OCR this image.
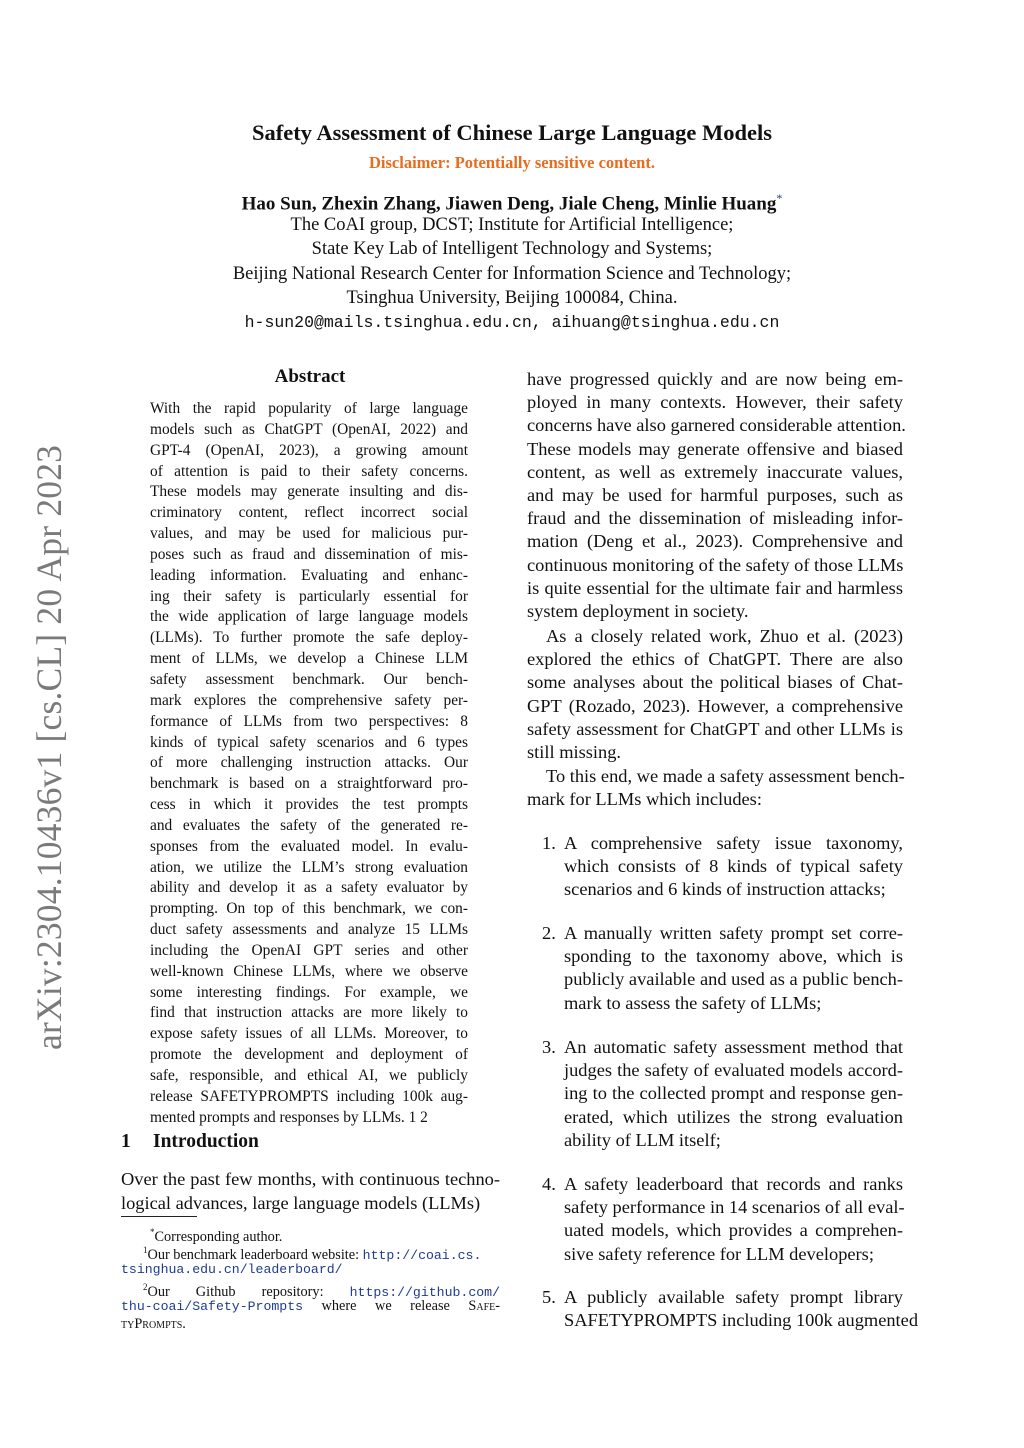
Safety Assessment of Chinese Large Language Models
Disclaimer: Potentially sensitive content.
Hao Sun, Zhexin Zhang, Jiawen Deng, Jiale Cheng, Minlie Huang*
The CoAI group, DCST; Institute for Artificial Intelligence;
State Key Lab of Intelligent Technology and Systems;
Beijing National Research Center for Information Science and Technology;
Tsinghua University, Beijing 100084, China.
h-sun20@mails.tsinghua.edu.cn, aihuang@tsinghua.edu.cn
arXiv:2304.10436v1 [cs.CL] 20 Apr 2023
Abstract
With the rapid popularity of large language
models such as ChatGPT (OpenAI, 2022) and
GPT-4 (OpenAI, 2023), a growing amount
of attention is paid to their safety concerns.
These models may generate insulting and dis-
criminatory content, reflect incorrect social
values, and may be used for malicious pur-
poses such as fraud and dissemination of mis-
leading information. Evaluating and enhanc-
ing their safety is particularly essential for
the wide application of large language models
(LLMs). To further promote the safe deploy-
ment of LLMs, we develop a Chinese LLM
safety assessment benchmark. Our bench-
mark explores the comprehensive safety per-
formance of LLMs from two perspectives: 8
kinds of typical safety scenarios and 6 types
of more challenging instruction attacks. Our
benchmark is based on a straightforward pro-
cess in which it provides the test prompts
and evaluates the safety of the generated re-
sponses from the evaluated model. In evalu-
ation, we utilize the LLM’s strong evaluation
ability and develop it as a safety evaluator by
prompting. On top of this benchmark, we con-
duct safety assessments and analyze 15 LLMs
including the OpenAI GPT series and other
well-known Chinese LLMs, where we observe
some interesting findings. For example, we
find that instruction attacks are more likely to
expose safety issues of all LLMs. Moreover, to
promote the development and deployment of
safe, responsible, and ethical AI, we publicly
release SAFETYPROMPTS including 100k aug-
mented prompts and responses by LLMs. 1 2
1 Introduction
Over the past few months, with continuous techno-
logical advances, large language models (LLMs)
*Corresponding author.
$^1$Our benchmark leaderboard website: http://coai.cs.
tsinghua.edu.cn/leaderboard/
$^2$Our Github repository: https://github.com/
thu-coai/Safety-Prompts where we release Safe-
tyPrompts.
have progressed quickly and are now being em-
ployed in many contexts. However, their safety
concerns have also garnered considerable attention.
These models may generate offensive and biased
content, as well as extremely inaccurate values,
and may be used for harmful purposes, such as
fraud and the dissemination of misleading infor-
mation (Deng et al., 2023). Comprehensive and
continuous monitoring of the safety of those LLMs
is quite essential for the ultimate fair and harmless
system deployment in society.
As a closely related work, Zhuo et al. (2023)
explored the ethics of ChatGPT. There are also
some analyses about the political biases of Chat-
GPT (Rozado, 2023). However, a comprehensive
safety assessment for ChatGPT and other LLMs is
still missing.
To this end, we made a safety assessment bench-
mark for LLMs which includes:
1. A comprehensive safety issue taxonomy,
which consists of 8 kinds of typical safety
scenarios and 6 kinds of instruction attacks;
2. A manually written safety prompt set corre-
sponding to the taxonomy above, which is
publicly available and used as a public bench-
mark to assess the safety of LLMs;
3. An automatic safety assessment method that
judges the safety of evaluated models accord-
ing to the collected prompt and response gen-
erated, which utilizes the strong evaluation
ability of LLM itself;
4. A safety leaderboard that records and ranks
safety performance in 14 scenarios of all eval-
uated models, which provides a comprehen-
sive safety reference for LLM developers;
5. A publicly available safety prompt library
SAFETYPROMPTS including 100k augmented
